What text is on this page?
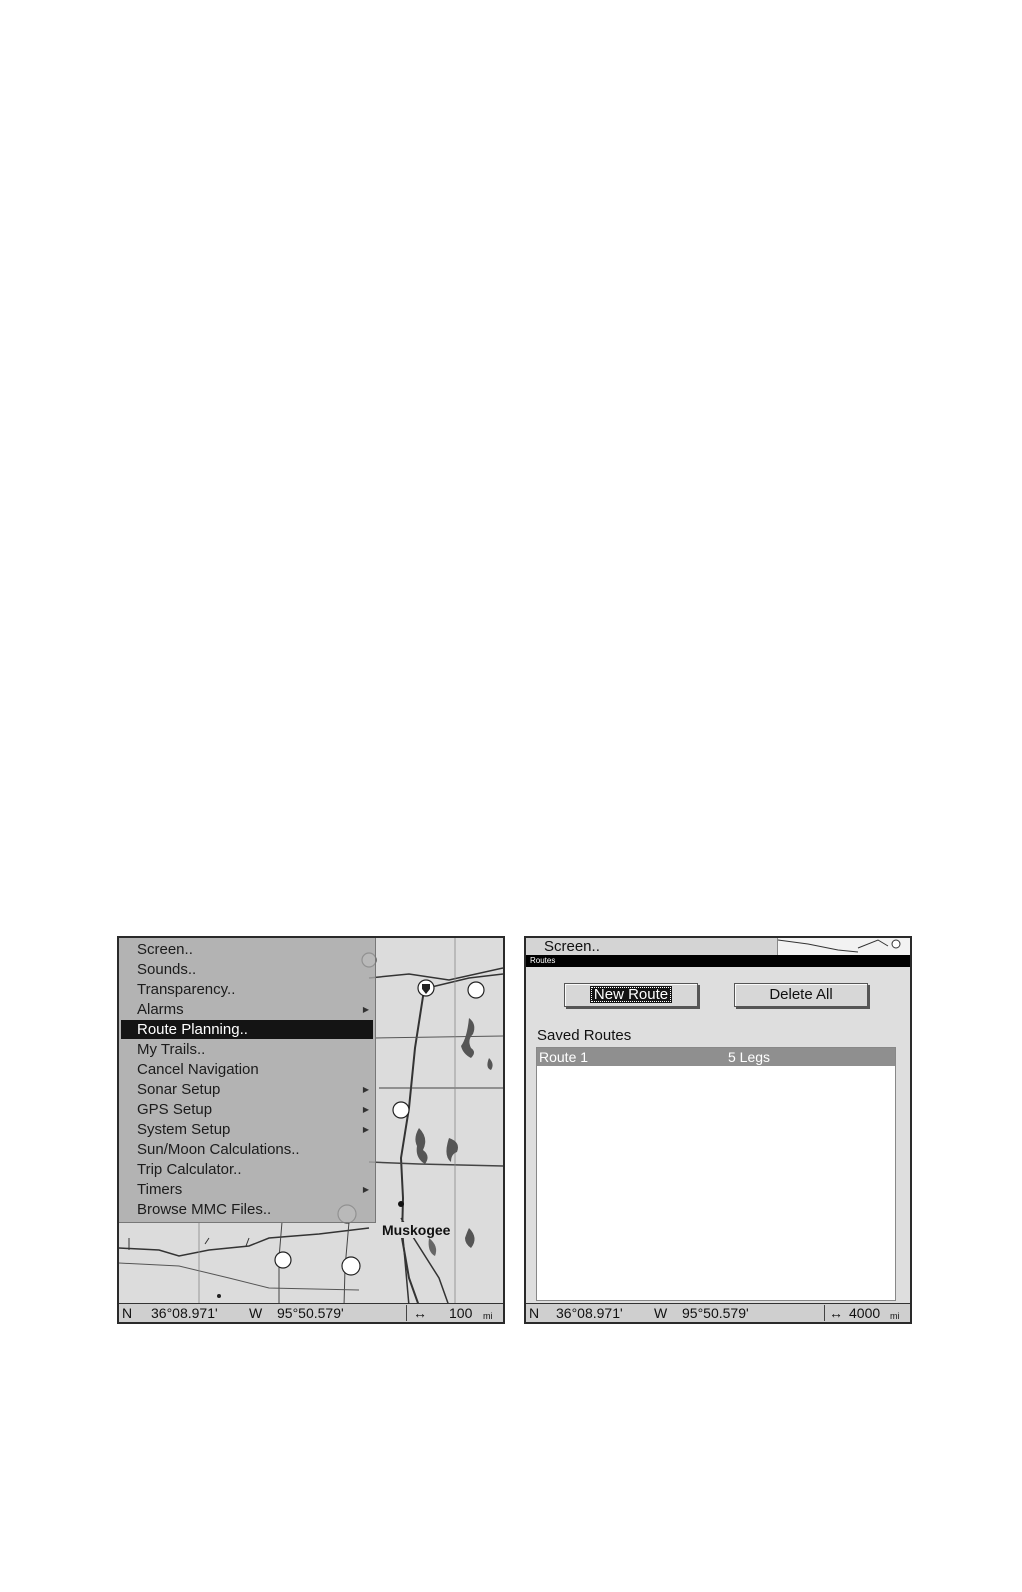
Screen..
Sounds..
Transparency..
Alarms	▶
Route Planning..
My Trails..
Cancel Navigation
Sonar Setup	▶
GPS Setup	▶
System Setup	▶
Sun/Moon Calculations..
Trip Calculator..
Timers	▶
Browse MMC Files..
Muskogee
N 36°08.971' W 95°50.579'	↔ 100 mi
Screen..
Routes
New Route	Delete All
Saved Routes
Route 1	5 Legs
N 36°08.971' W 95°50.579'	↔ 4000 mi
